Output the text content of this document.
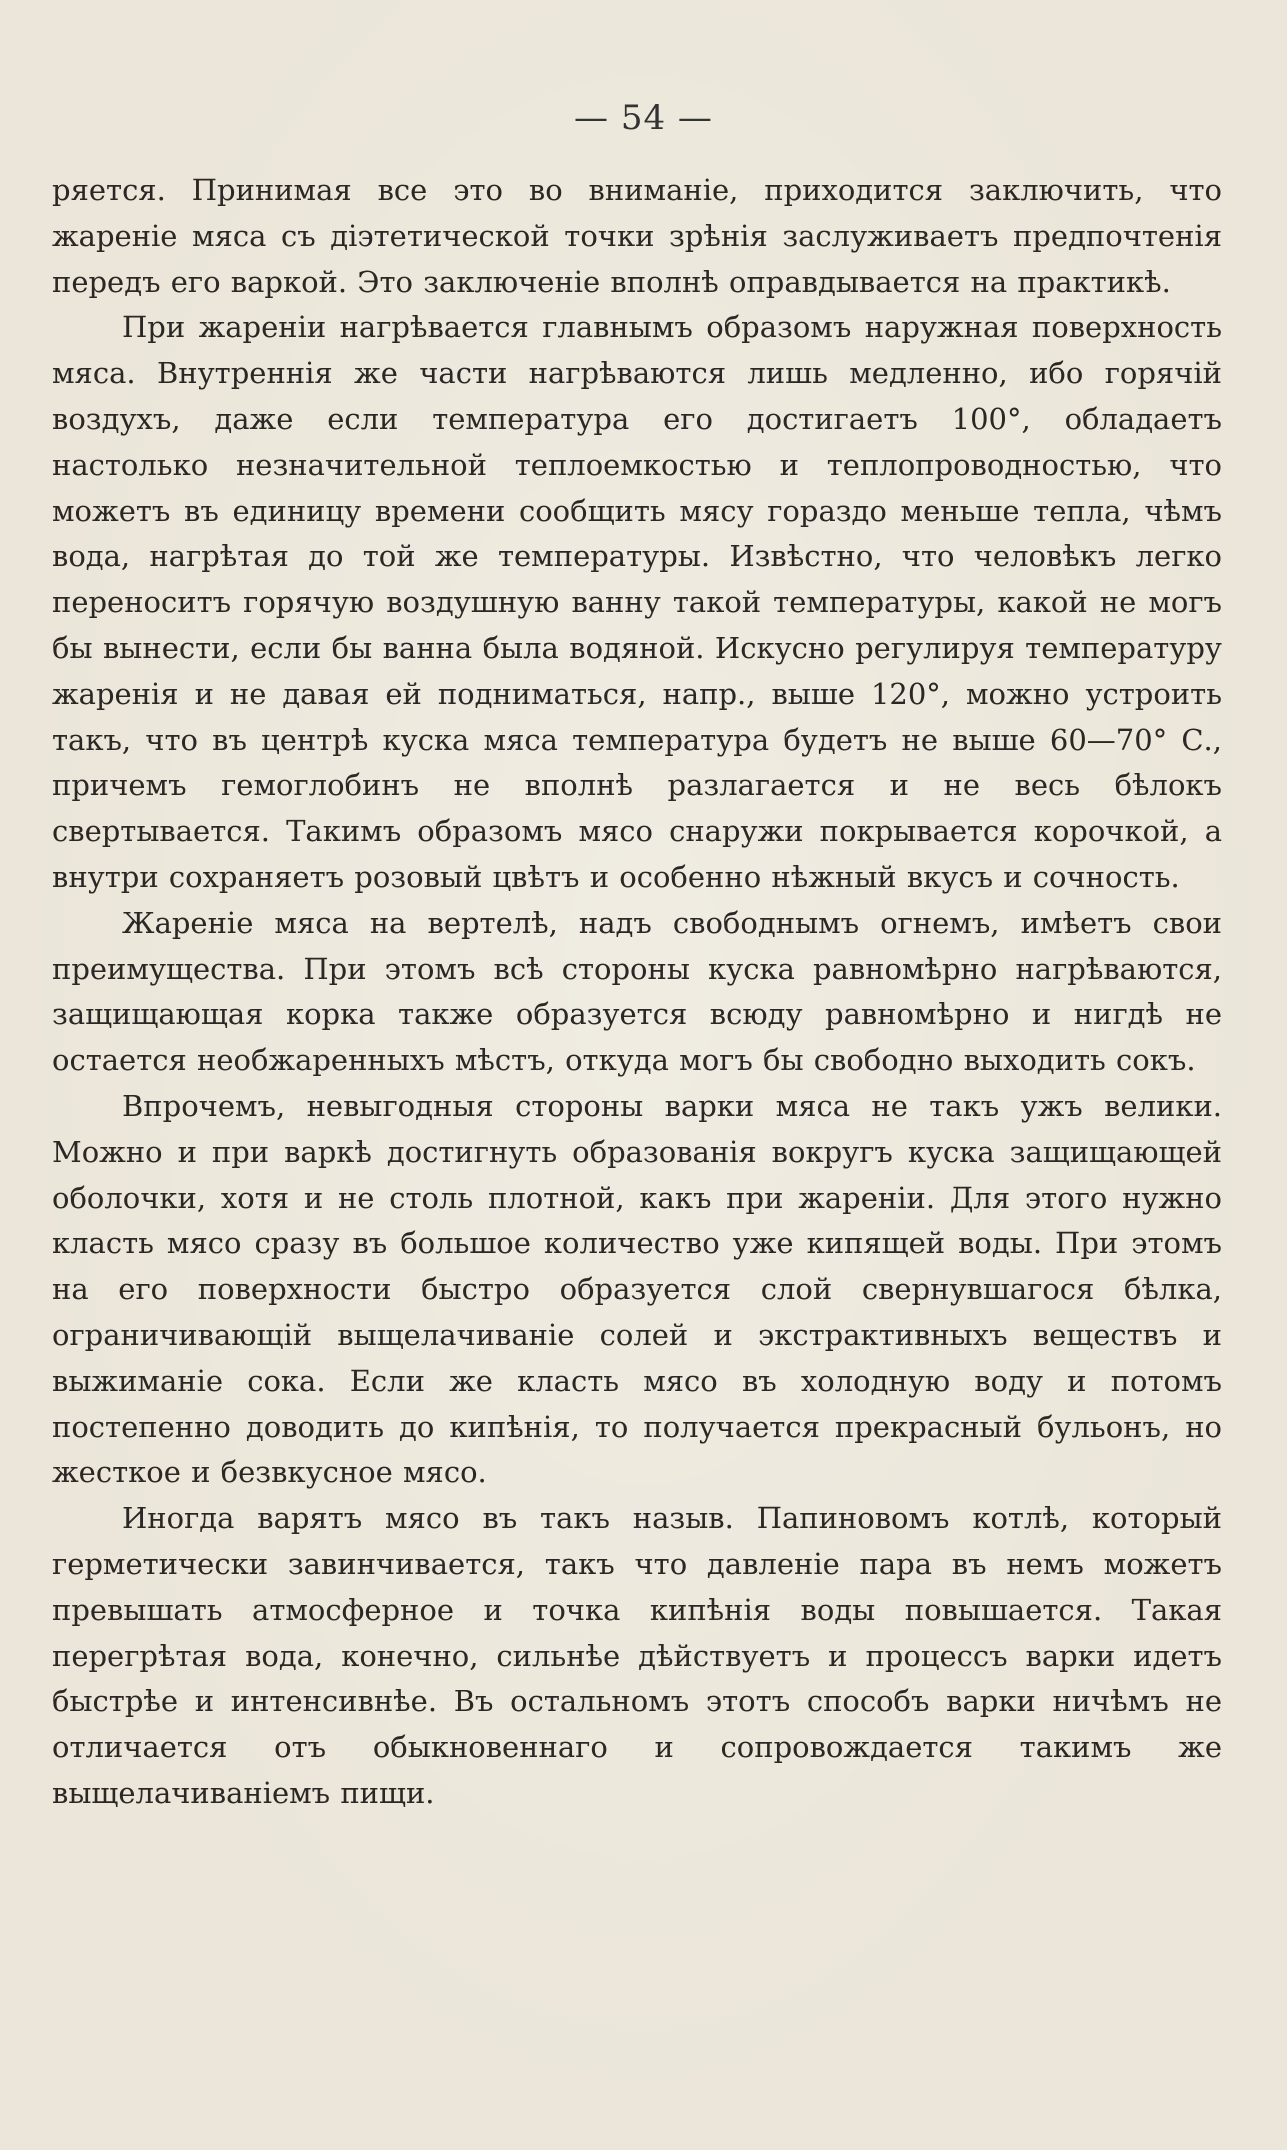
— 54 —

ряется. Принимая все это во вниманіе, приходится заключить, что жареніе мяса съ діэтетической точки зрѣнія заслуживаетъ предпочтенія передъ его варкой. Это заключеніе вполнѣ оправдывается на практикѣ.

При жареніи нагрѣвается главнымъ образомъ наружная поверхность мяса. Внутреннія же части нагрѣваются лишь медленно, ибо горячій воздухъ, даже если температура его достигаетъ 100°, обладаетъ настолько незначительной теплоемкостью и теплопроводностью, что можетъ въ единицу времени сообщить мясу гораздо меньше тепла, чѣмъ вода, нагрѣтая до той же температуры. Извѣстно, что человѣкъ легко переноситъ горячую воздушную ванну такой температуры, какой не могъ бы вынести, если бы ванна была водяной. Искусно регулируя температуру жаренія и не давая ей подниматься, напр., выше 120°, можно устроить такъ, что въ центрѣ куска мяса температура будетъ не выше 60—70° С., причемъ гемоглобинъ не вполнѣ разлагается и не весь бѣлокъ свертывается. Такимъ образомъ мясо снаружи покрывается корочкой, а внутри сохраняетъ розовый цвѣтъ и особенно нѣжный вкусъ и сочность.

Жареніе мяса на вертелѣ, надъ свободнымъ огнемъ, имѣетъ свои преимущества. При этомъ всѣ стороны куска равномѣрно нагрѣваются, защищающая корка также образуется всюду равномѣрно и нигдѣ не остается необжаренныхъ мѣстъ, откуда могъ бы свободно выходить сокъ.

Впрочемъ, невыгодныя стороны варки мяса не такъ ужъ велики. Можно и при варкѣ достигнуть образованія вокругъ куска защищающей оболочки, хотя и не столь плотной, какъ при жареніи. Для этого нужно класть мясо сразу въ большое количество уже кипящей воды. При этомъ на его поверхности быстро образуется слой свернувшагося бѣлка, ограничивающій выщелачиваніе солей и экстрактивныхъ веществъ и выжиманіе сока. Если же класть мясо въ холодную воду и потомъ постепенно доводить до кипѣнія, то получается прекрасный бульонъ, но жесткое и безвкусное мясо.

Иногда варятъ мясо въ такъ назыв. Папиновомъ котлѣ, который герметически завинчивается, такъ что давленіе пара въ немъ можетъ превышать атмосферное и точка кипѣнія воды повышается. Такая перегрѣтая вода, конечно, сильнѣе дѣйствуетъ и процессъ варки идетъ быстрѣе и интенсивнѣе. Въ остальномъ этотъ способъ варки ничѣмъ не отличается отъ обыкновеннаго и сопровождается такимъ же выщелачиваніемъ пищи.
